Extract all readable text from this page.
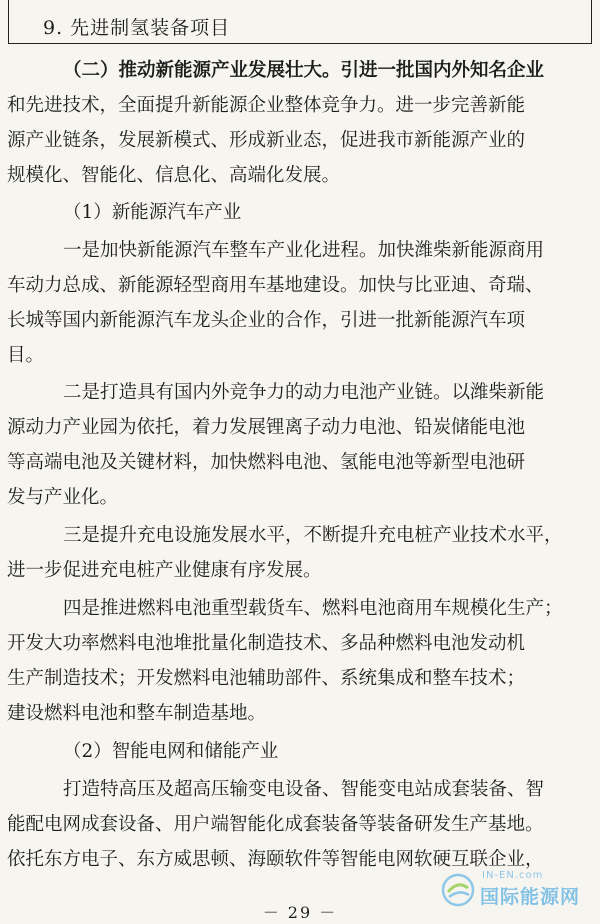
9. 先进制氢装备项目
（二）推动新能源产业发展壮大。引进一批国内外知名企业
和先进技术，全面提升新能源企业整体竞争力。进一步完善新能
源产业链条，发展新模式、形成新业态，促进我市新能源产业的
规模化、智能化、信息化、高端化发展。
（1）新能源汽车产业
一是加快新能源汽车整车产业化进程。加快潍柴新能源商用
车动力总成、新能源轻型商用车基地建设。加快与比亚迪、奇瑞、
长城等国内新能源汽车龙头企业的合作，引进一批新能源汽车项
目。
二是打造具有国内外竞争力的动力电池产业链。以潍柴新能
源动力产业园为依托，着力发展锂离子动力电池、铅炭储能电池
等高端电池及关键材料，加快燃料电池、氢能电池等新型电池研
发与产业化。
三是提升充电设施发展水平，不断提升充电桩产业技术水平，
进一步促进充电桩产业健康有序发展。
四是推进燃料电池重型载货车、燃料电池商用车规模化生产；
开发大功率燃料电池堆批量化制造技术、多品种燃料电池发动机
生产制造技术；开发燃料电池辅助部件、系统集成和整车技术；
建设燃料电池和整车制造基地。
（2）智能电网和储能产业
打造特高压及超高压输变电设备、智能变电站成套装备、智
能配电网成套设备、用户端智能化成套装备等装备研发生产基地。
依托东方电子、东方威思顿、海颐软件等智能电网软硬互联企业，
－ 29 －
IN-EN.com
国际能源网
